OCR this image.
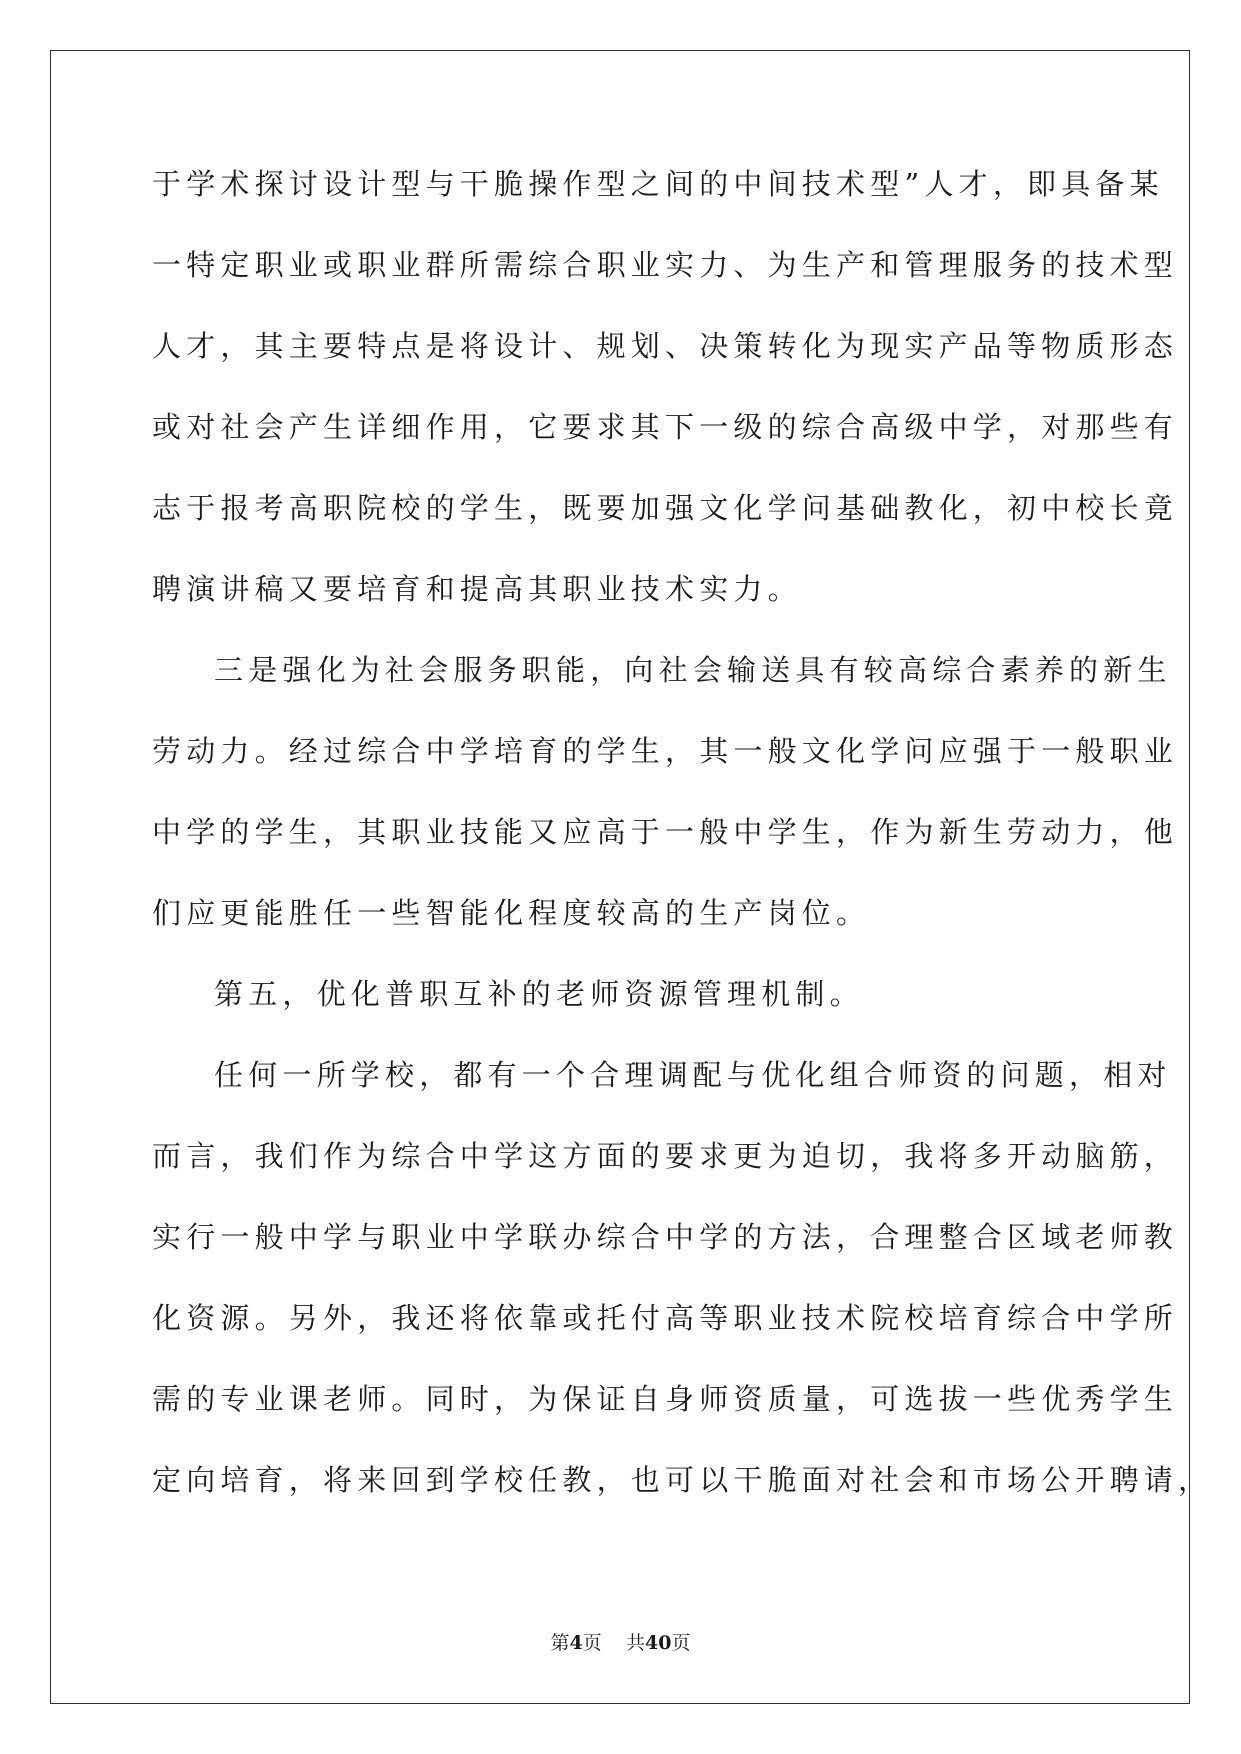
于学术探讨设计型与干脆操作型之间的中间技术型”人才，即具备某
一特定职业或职业群所需综合职业实力、为生产和管理服务的技术型
人才，其主要特点是将设计、规划、决策转化为现实产品等物质形态
或对社会产生详细作用，它要求其下一级的综合高级中学，对那些有
志于报考高职院校的学生，既要加强文化学问基础教化，初中校长竟
聘演讲稿又要培育和提高其职业技术实力。
三是强化为社会服务职能，向社会输送具有较高综合素养的新生
劳动力。经过综合中学培育的学生，其一般文化学问应强于一般职业
中学的学生，其职业技能又应高于一般中学生，作为新生劳动力，他
们应更能胜任一些智能化程度较高的生产岗位。
第五，优化普职互补的老师资源管理机制。
任何一所学校，都有一个合理调配与优化组合师资的问题，相对
而言，我们作为综合中学这方面的要求更为迫切，我将多开动脑筋，
实行一般中学与职业中学联办综合中学的方法，合理整合区域老师教
化资源。另外，我还将依靠或托付高等职业技术院校培育综合中学所
需的专业课老师。同时，为保证自身师资质量，可选拔一些优秀学生
定向培育，将来回到学校任教，也可以干脆面对社会和市场公开聘请，
第4页 共40页
